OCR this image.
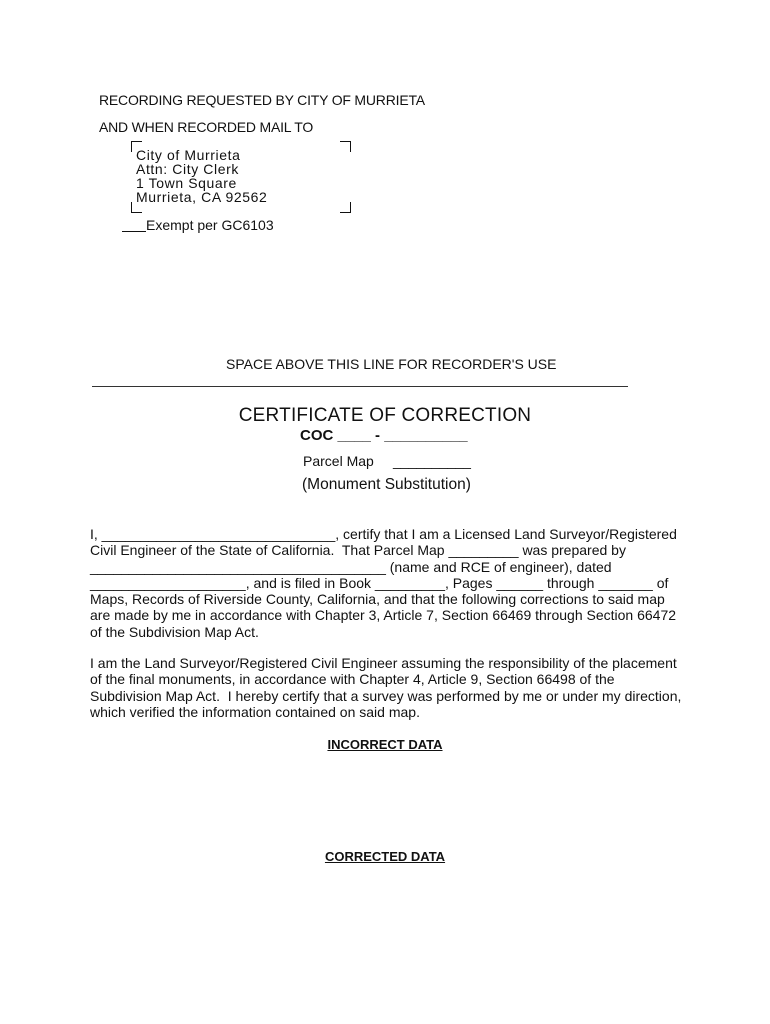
RECORDING REQUESTED BY CITY OF MURRIETA
AND WHEN RECORDED MAIL TO
City of Murrieta
Attn: City Clerk
1 Town Square
Murrieta, CA 92562
Exempt per GC6103
SPACE ABOVE THIS LINE FOR RECORDER'S USE
CERTIFICATE OF CORRECTION
COC ____ - __________
Parcel Map __________
(Monument Substitution)
I, ______________________________, certify that I am a Licensed Land Surveyor/Registered
Civil Engineer of the State of California.  That Parcel Map _________ was prepared by
______________________________________ (name and RCE of engineer), dated
____________________, and is filed in Book _________, Pages ______ through _______ of
Maps, Records of Riverside County, California, and that the following corrections to said map
are made by me in accordance with Chapter 3, Article 7, Section 66469 through Section 66472
of the Subdivision Map Act.
I am the Land Surveyor/Registered Civil Engineer assuming the responsibility of the placement
of the final monuments, in accordance with Chapter 4, Article 9, Section 66498 of the
Subdivision Map Act.  I hereby certify that a survey was performed by me or under my direction,
which verified the information contained on said map.
INCORRECT DATA
CORRECTED DATA
